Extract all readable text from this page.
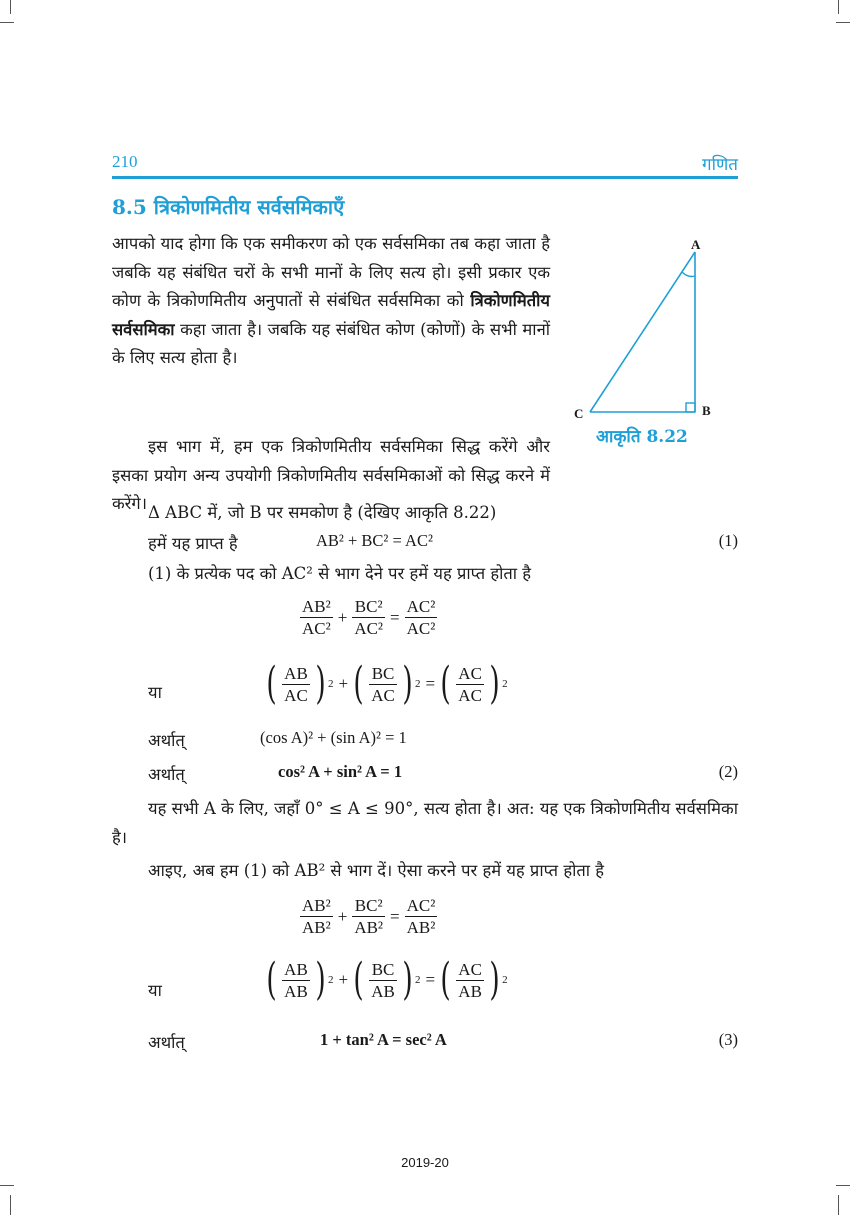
210	गणित
8.5 त्रिकोणमितीय सर्वसमिकाएँ
आपको याद होगा कि एक समीकरण को एक सर्वसमिका तब कहा जाता है जबकि यह संबंधित चरों के सभी मानों के लिए सत्य हो। इसी प्रकार एक कोण के त्रिकोणमितीय अनुपातों से संबंधित सर्वसमिका को त्रिकोणमितीय सर्वसमिका कहा जाता है। जबकि यह संबंधित कोण (कोणों) के सभी मानों के लिए सत्य होता है।
इस भाग में, हम एक त्रिकोणमितीय सर्वसमिका सिद्ध करेंगे और इसका प्रयोग अन्य उपयोगी त्रिकोणमितीय सर्वसमिकाओं को सिद्ध करने में करेंगे।
A
B
C
आकृति 8.22
Δ ABC में, जो B पर समकोण है (देखिए आकृति 8.22)
हमें यह प्राप्त है	AB² + BC² = AC²	(1)
(1) के प्रत्येक पद को AC² से भाग देने पर हमें यह प्राप्त होता है
$\frac{\text{AB²}}{\text{AC²}} + \frac{\text{BC²}}{\text{AC²}} = \frac{\text{AC²}}{\text{AC²}}$
या ( $\frac{AB}{AC}$ ) 2 + ( $\frac{BC}{AC}$ ) 2 = ( $\frac{AC}{AC}$ ) 2
अर्थात्	(cos A)² + (sin A)² = 1
अर्थात्	cos² A + sin² A = 1	(2)
यह सभी A के लिए, जहाँ 0° ≤ A ≤ 90°, सत्य होता है। अत: यह एक त्रिकोणमितीय सर्वसमिका है।
आइए, अब हम (1) को AB² से भाग दें। ऐसा करने पर हमें यह प्राप्त होता है
$\frac{\text{AB²}}{\text{AB²}} + \frac{\text{BC²}}{\text{AB²}} = \frac{\text{AC²}}{\text{AB²}}$
या ( $\frac{AB}{AB}$ ) 2 + ( $\frac{BC}{AB}$ ) 2 = ( $\frac{AC}{AB}$ ) 2
अर्थात्	1 + tan² A = sec² A	(3)
2019-20
